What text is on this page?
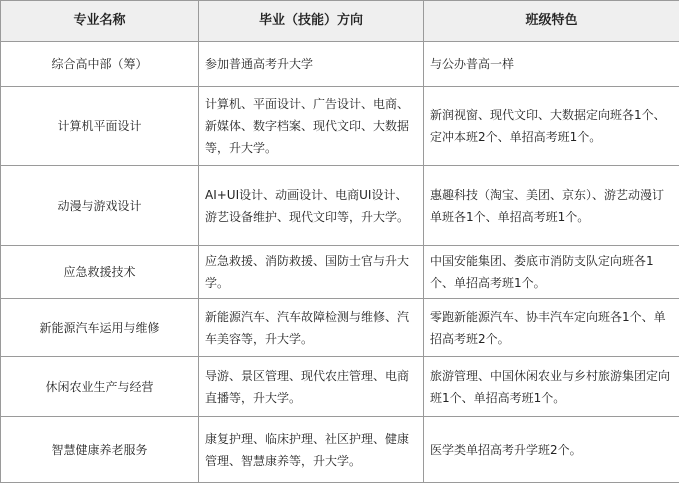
专业名称	毕业（技能）方向	班级特色
综合高中部（筹）	参加普通高考升大学	与公办普高一样
计算机平面设计	计算机、平面设计、广告设计、电商、新媒体、数字档案、现代文印、大数据等，升大学。	新润视窗、现代文印、大数据定向班各1个、定冲本班2个、单招高考班1个。
动漫与游戏设计	AI+UI设计、动画设计、电商UI设计、游艺设备维护、现代文印等，升大学。	惠趣科技（淘宝、美团、京东）、游艺动漫订单班各1个、单招高考班1个。
应急救援技术	应急救援、消防救援、国防士官与升大学。	中国安能集团、娄底市消防支队定向班各1个、单招高考班1个。
新能源汽车运用与维修	新能源汽车、汽车故障检测与维修、汽车美容等，升大学。	零跑新能源汽车、协丰汽车定向班各1个、单招高考班2个。
休闲农业生产与经营	导游、景区管理、现代农庄管理、电商直播等，升大学。	旅游管理、中国休闲农业与乡村旅游集团定向班1个、单招高考班1个。
智慧健康养老服务	康复护理、临床护理、社区护理、健康管理、智慧康养等，升大学。	医学类单招高考升学班2个。
